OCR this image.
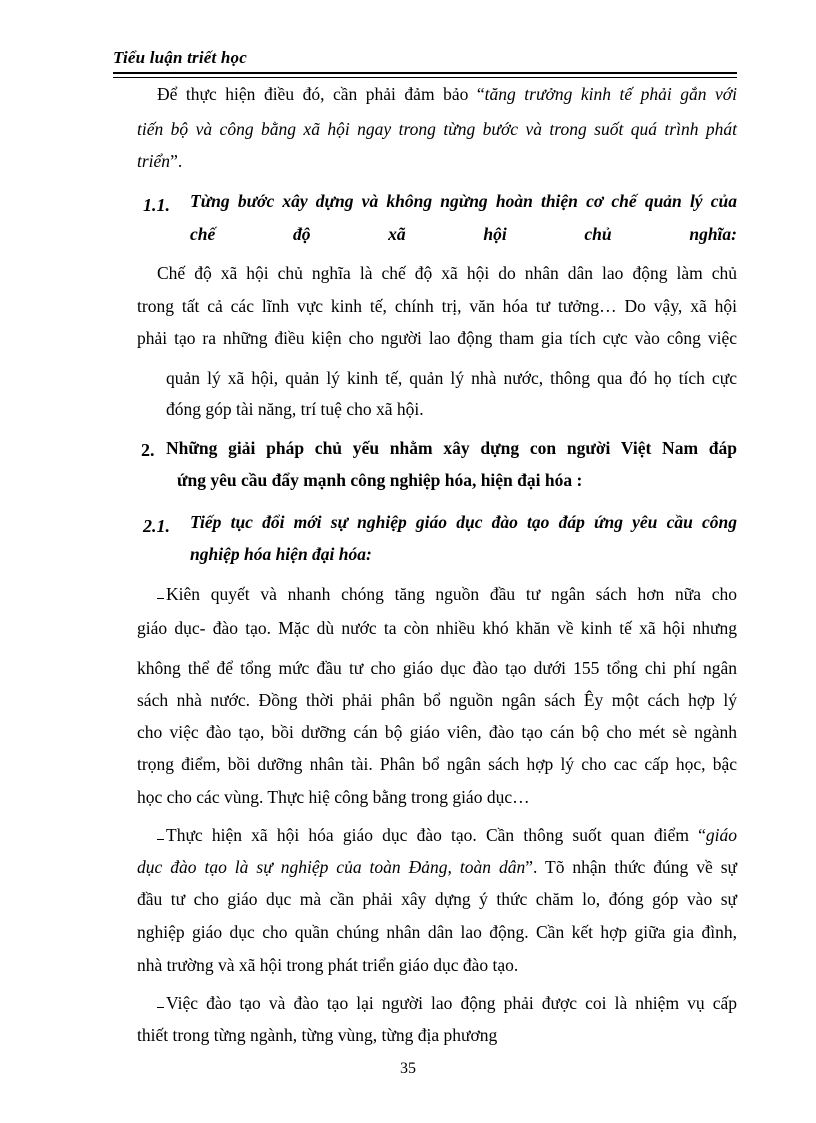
Tiểu luận triết học
Để thực hiện điều đó, cần phải đảm bảo “tăng trưởng kinh tế phải gắn với
tiến bộ và công bằng xã hội ngay trong từng bước và trong suốt quá trình phát
triển”.
1.1. Từng bước xây dựng và không ngừng hoàn thiện cơ chế quản lý của
chế độ xã hội chủ nghĩa:
Chế độ xã hội chủ nghĩa là chế độ xã hội do nhân dân lao động làm chủ
trong tất cả các lĩnh vực kinh tế, chính trị, văn hóa tư tưởng… Do vậy, xã hội
phải tạo ra những điều kiện cho người lao động tham gia tích cực vào công việc
quản lý xã hội, quản lý kinh tế, quản lý nhà nước, thông qua đó họ tích cực
đóng góp tài năng, trí tuệ cho xã hội.
2. Những giải pháp chủ yếu nhằm xây dựng con người Việt Nam đáp
ứng yêu cầu đẩy mạnh công nghiệp hóa, hiện đại hóa :
2.1. Tiếp tục đổi mới sự nghiệp giáo dục đào tạo đáp ứng yêu cầu công
nghiệp hóa hiện đại hóa:
Kiên quyết và nhanh chóng tăng nguồn đầu tư ngân sách hơn nữa cho
giáo dục- đào tạo. Mặc dù nước ta còn nhiều khó khăn về kinh tế xã hội nhưng
không thể để tổng mức đầu tư cho giáo dục đào tạo dưới 155 tổng chi phí ngân
sách nhà nước. Đồng thời phải phân bổ nguồn ngân sách Êy một cách hợp lý
cho việc đào tạo, bồi dưỡng cán bộ giáo viên, đào tạo cán bộ cho mét sè ngành
trọng điểm, bồi dưỡng nhân tài. Phân bổ ngân sách hợp lý cho cac cấp học, bậc
học cho các vùng. Thực hiệ công bằng trong giáo dục…
Thực hiện xã hội hóa giáo dục đào tạo. Cần thông suốt quan điểm “giáo
dục đào tạo là sự nghiệp của toàn Đảng, toàn dân”. Tõ nhận thức đúng về sự
đầu tư cho giáo dục mà cần phải xây dựng ý thức chăm lo, đóng góp vào sự
nghiệp giáo dục cho quần chúng nhân dân lao động. Cần kết hợp giữa gia đình,
nhà trường và xã hội trong phát triển giáo dục đào tạo.
Việc đào tạo và đào tạo lại người lao động phải được coi là nhiệm vụ cấp
thiết trong từng ngành, từng vùng, từng địa phương
35
